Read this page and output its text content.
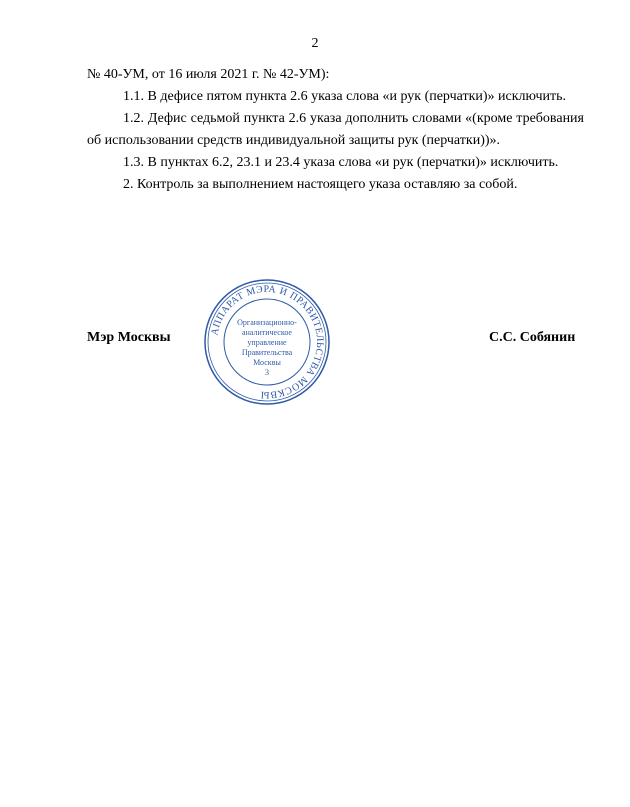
2

№ 40-УМ, от 16 июля 2021 г. № 42-УМ):

1.1. В дефисе пятом пункта 2.6 указа слова «и рук (перчатки)» исключить.

1.2. Дефис седьмой пункта 2.6 указа дополнить словами «(кроме требования об использовании средств индивидуальной защиты рук (перчатки))».

1.3. В пунктах 6.2, 23.1 и 23.4 указа слова «и рук (перчатки)» исключить.

2. Контроль за выполнением настоящего указа оставляю за собой.

Мэр Москвы	С.С. Собянин
АППАРАТ МЭРА И ПРАВИТЕЛЬСТВА МОСКВЫ
Организационно-
аналитическое
управление
Правительства
Москвы
3
